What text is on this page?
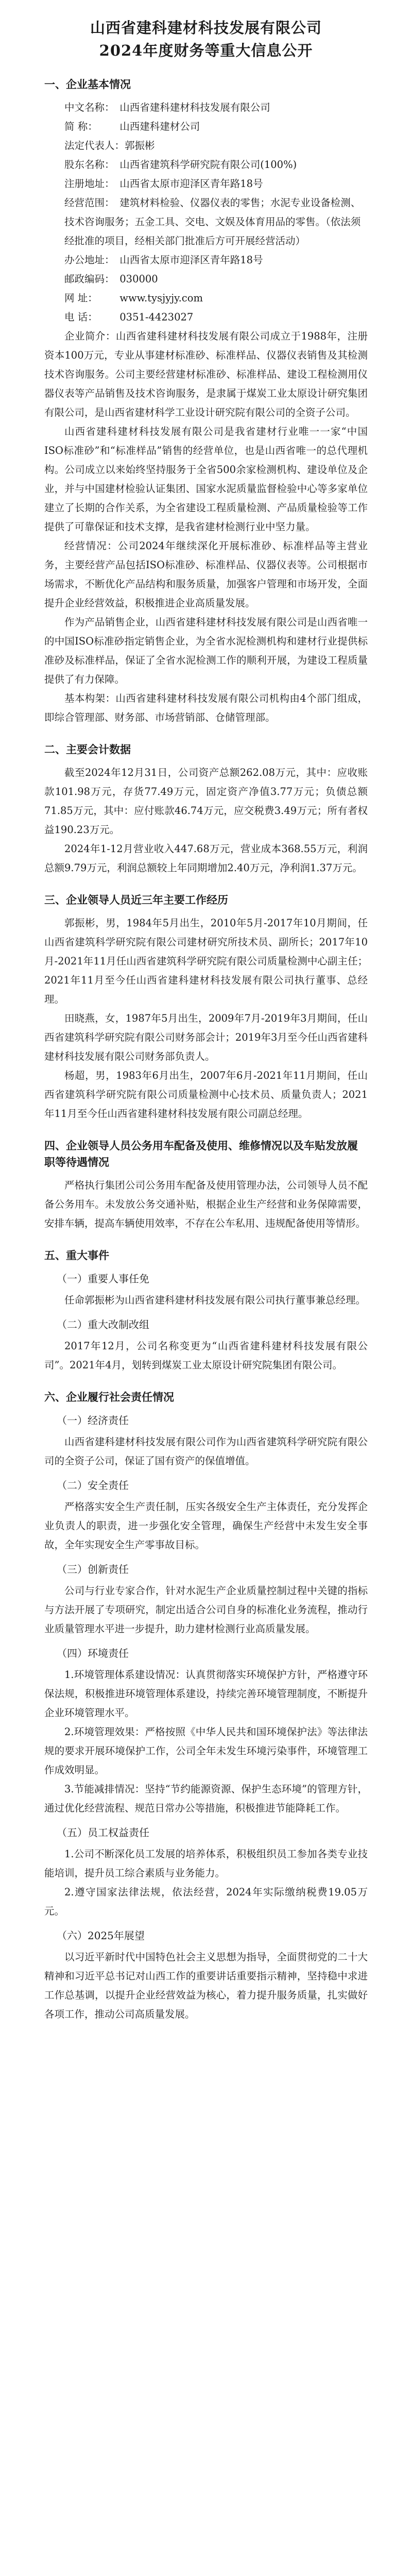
山西省建科建材科技发展有限公司
2024年度财务等重大信息公开
一、企业基本情况
中文名称： 山西省建科建材科技发展有限公司
简 称： 山西建科建材公司
法定代表人：郭振彬
股东名称： 山西省建筑科学研究院有限公司(100%)
注册地址： 山西省太原市迎泽区青年路18号
经营范围： 建筑材料检验、仪器仪表的零售；水泥专业设备检测、技术咨询服务；五金工具、交电、文娱及体育用品的零售。（依法须经批准的项目，经相关部门批准后方可开展经营活动）
办公地址： 山西省太原市迎泽区青年路18号
邮政编码： 030000
网 址： www.tysjyjy.com
电 话： 0351-4423027

企业简介：山西省建科建材科技发展有限公司成立于1988年，注册资本100万元，专业从事建材标准砂、标准样品、仪器仪表销售及其检测技术咨询服务。公司主要经营建材标准砂、标准样品、建设工程检测用仪器仪表等产品销售及技术咨询服务，是隶属于煤炭工业太原设计研究集团有限公司，是山西省建材科学工业设计研究院有限公司的全资子公司。

山西省建科建材科技发展有限公司是我省建材行业唯一一家“中国ISO标准砂”和“标准样品”销售的经营单位，也是山西省唯一的总代理机构。公司成立以来始终坚持服务于全省500余家检测机构、建设单位及企业，并与中国建材检验认证集团、国家水泥质量监督检验中心等多家单位建立了长期的合作关系，为全省建设工程质量检测、产品质量检验等工作提供了可靠保证和技术支撑，是我省建材检测行业中坚力量。

经营情况：公司2024年继续深化开展标准砂、标准样品等主营业务，主要经营产品包括ISO标准砂、标准样品、仪器仪表等。公司根据市场需求，不断优化产品结构和服务质量，加强客户管理和市场开发，全面提升企业经营效益，积极推进企业高质量发展。

作为产品销售企业，山西省建科建材科技发展有限公司是山西省唯一的中国ISO标准砂指定销售企业，为全省水泥检测机构和建材行业提供标准砂及标准样品，保证了全省水泥检测工作的顺利开展，为建设工程质量提供了有力保障。

基本构架：山西省建科建材科技发展有限公司机构由4个部门组成，即综合管理部、财务部、市场营销部、仓储管理部。

二、主要会计数据

截至2024年12月31日，公司资产总额262.08万元，其中：应收账款101.98万元，存货77.49万元，固定资产净值3.77万元；负债总额71.85万元，其中：应付账款46.74万元，应交税费3.49万元；所有者权益190.23万元。

2024年1-12月营业收入447.68万元，营业成本368.55万元，利润总额9.79万元，利润总额较上年同期增加2.40万元，净利润1.37万元。

三、企业领导人员近三年主要工作经历

郭振彬，男，1984年5月出生，2010年5月-2017年10月期间，任山西省建筑科学研究院有限公司建材研究所技术员、副所长；2017年10月-2021年11月任山西省建筑科学研究院有限公司质量检测中心副主任；2021年11月至今任山西省建科建材科技发展有限公司执行董事、总经理。

田晓燕，女，1987年5月出生，2009年7月-2019年3月期间，任山西省建筑科学研究院有限公司财务部会计；2019年3月至今任山西省建科建材科技发展有限公司财务部负责人。

杨超，男，1983年6月出生，2007年6月-2021年11月期间，任山西省建筑科学研究院有限公司质量检测中心技术员、质量负责人；2021年11月至今任山西省建科建材科技发展有限公司副总经理。

四、企业领导人员公务用车配备及使用、维修情况以及车贴发放履职等待遇情况

严格执行集团公司公务用车配备及使用管理办法，公司领导人员不配备公务用车。未发放公务交通补贴，根据企业生产经营和业务保障需要，安排车辆，提高车辆使用效率，不存在公车私用、违规配备使用等情形。

五、重大事件
（一）重要人事任免

任命郭振彬为山西省建科建材科技发展有限公司执行董事兼总经理。

（二）重大改制改组

2017年12月，公司名称变更为“山西省建科建材科技发展有限公司”。2021年4月，划转到煤炭工业太原设计研究院集团有限公司。

六、企业履行社会责任情况
（一）经济责任

山西省建科建材科技发展有限公司作为山西省建筑科学研究院有限公司的全资子公司，保证了国有资产的保值增值。

（二）安全责任

严格落实安全生产责任制，压实各级安全生产主体责任，充分发挥企业负责人的职责，进一步强化安全管理，确保生产经营中未发生安全事故，全年实现安全生产零事故目标。

（三）创新责任

公司与行业专家合作，针对水泥生产企业质量控制过程中关键的指标与方法开展了专项研究，制定出适合公司自身的标准化业务流程，推动行业质量管理水平进一步提升，助力建材检测行业高质量发展。

（四）环境责任

1.环境管理体系建设情况：认真贯彻落实环境保护方针，严格遵守环保法规，积极推进环境管理体系建设，持续完善环境管理制度，不断提升企业环境管理水平。

2.环境管理效果：严格按照《中华人民共和国环境保护法》等法律法规的要求开展环境保护工作，公司全年未发生环境污染事件，环境管理工作成效明显。

3.节能减排情况：坚持“节约能源资源、保护生态环境”的管理方针，通过优化经营流程、规范日常办公等措施，积极推进节能降耗工作。

（五）员工权益责任

1.公司不断深化员工发展的培养体系，积极组织员工参加各类专业技能培训，提升员工综合素质与业务能力。

2.遵守国家法律法规，依法经营，2024年实际缴纳税费19.05万元。

（六）2025年展望

以习近平新时代中国特色社会主义思想为指导，全面贯彻党的二十大精神和习近平总书记对山西工作的重要讲话重要指示精神，坚持稳中求进工作总基调，以提升企业经营效益为核心，着力提升服务质量，扎实做好各项工作，推动公司高质量发展。
